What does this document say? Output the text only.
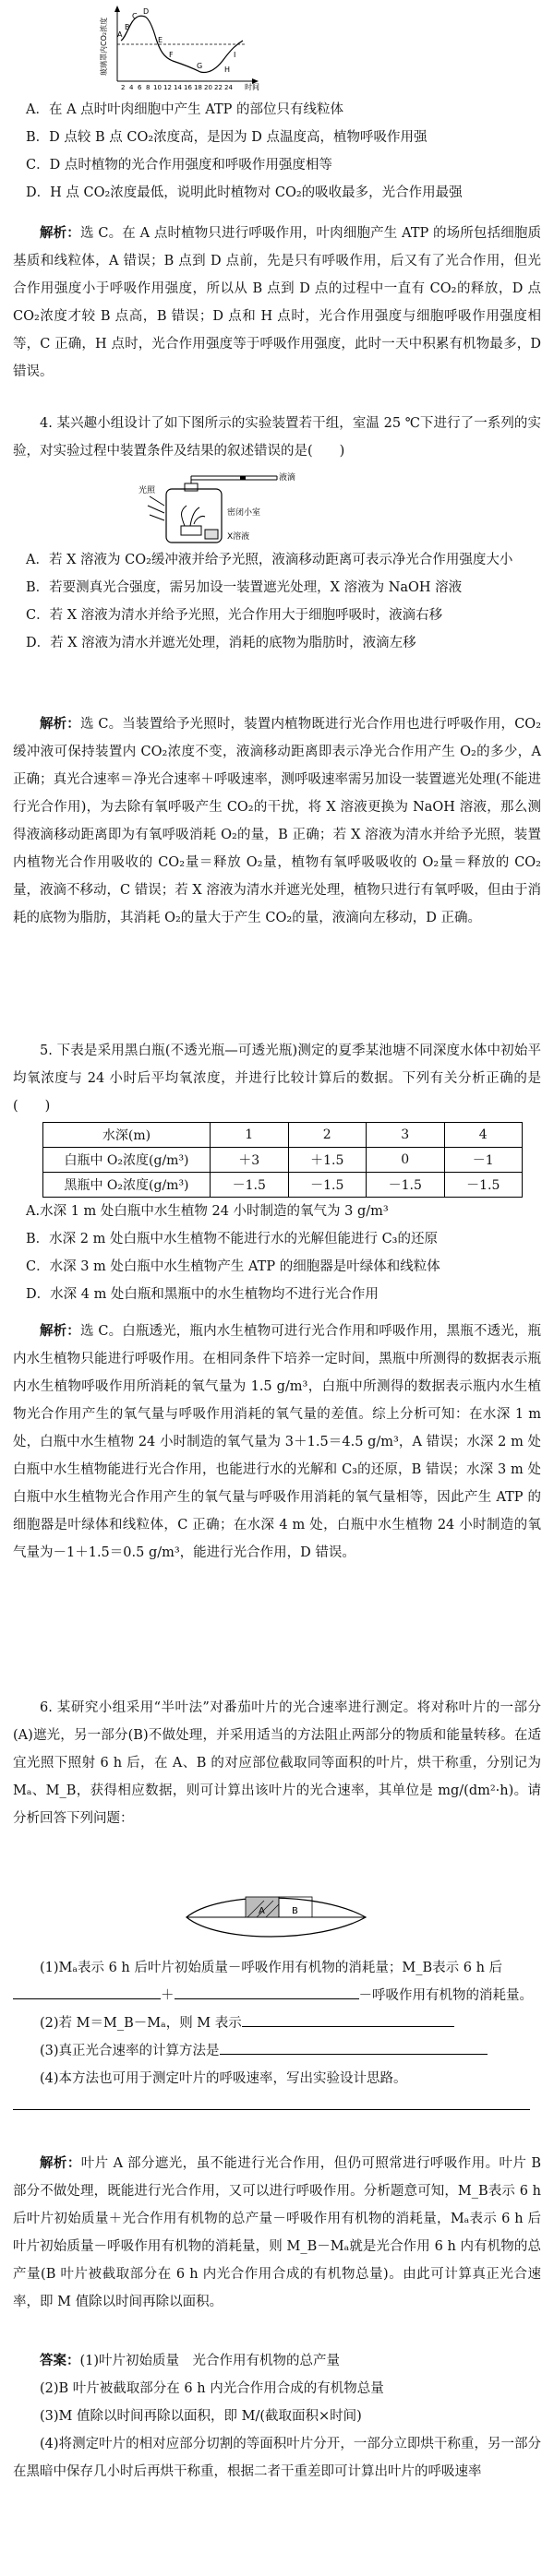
玻璃罩内CO₂浓度
时间
2 4 6 8 10 12 14 16 18 20 22 24
A
B
C
D
E
F
G	H
I

A．在 A 点时叶肉细胞中产生 ATP 的部位只有线粒体

B．D 点较 B 点 CO₂浓度高，是因为 D 点温度高，植物呼吸作用强

C．D 点时植物的光合作用强度和呼吸作用强度相等

D．H 点 CO₂浓度最低，说明此时植物对 CO₂的吸收最多，光合作用最强

解析：选 C。在 A 点时植物只进行呼吸作用，叶肉细胞产生 ATP 的场所包括细胞质基质和线粒体，A 错误；B 点到 D 点前，先是只有呼吸作用，后又有了光合作用，但光合作用强度小于呼吸作用强度，所以从 B 点到 D 点的过程中一直有 CO₂的释放，D 点 CO₂浓度才较 B 点高，B 错误；D 点和 H 点时，光合作用强度与细胞呼吸作用强度相等，C 正确，H 点时，光合作用强度等于呼吸作用强度，此时一天中积累有机物最多，D 错误。

4. 某兴趣小组设计了如下图所示的实验装置若干组，室温 25 ℃下进行了一系列的实验，对实验过程中装置条件及结果的叙述错误的是(　　)

液滴
密闭小室
光照
X溶液

A．若 X 溶液为 CO₂缓冲液并给予光照，液滴移动距离可表示净光合作用强度大小

B．若要测真光合强度，需另加设一装置遮光处理，X 溶液为 NaOH 溶液

C．若 X 溶液为清水并给予光照，光合作用大于细胞呼吸时，液滴右移

D．若 X 溶液为清水并遮光处理，消耗的底物为脂肪时，液滴左移

解析：选 C。当装置给予光照时，装置内植物既进行光合作用也进行呼吸作用，CO₂缓冲液可保持装置内 CO₂浓度不变，液滴移动距离即表示净光合作用产生 O₂的多少，A 正确；真光合速率＝净光合速率＋呼吸速率，测呼吸速率需另加设一装置遮光处理(不能进行光合作用)，为去除有氧呼吸产生 CO₂的干扰，将 X 溶液更换为 NaOH 溶液，那么测得液滴移动距离即为有氧呼吸消耗 O₂的量，B 正确；若 X 溶液为清水并给予光照，装置内植物光合作用吸收的 CO₂量＝释放 O₂量，植物有氧呼吸吸收的 O₂量＝释放的 CO₂量，液滴不移动，C 错误；若 X 溶液为清水并遮光处理，植物只进行有氧呼吸，但由于消耗的底物为脂肪，其消耗 O₂的量大于产生 CO₂的量，液滴向左移动，D 正确。

5. 下表是采用黑白瓶(不透光瓶—可透光瓶)测定的夏季某池塘不同深度水体中初始平均氧浓度与 24 小时后平均氧浓度，并进行比较计算后的数据。下列有关分析正确的是(　　)

水深(m)	1	2	3	4
白瓶中 O₂浓度(g/m³)	＋3	＋1.5	0	－1
黑瓶中 O₂浓度(g/m³)	－1.5	－1.5	－1.5	－1.5

A.水深 1 m 处白瓶中水生植物 24 小时制造的氧气为 3 g/m³

B．水深 2 m 处白瓶中水生植物不能进行水的光解但能进行 C₃的还原

C．水深 3 m 处白瓶中水生植物产生 ATP 的细胞器是叶绿体和线粒体

D．水深 4 m 处白瓶和黑瓶中的水生植物均不进行光合作用

解析：选 C。白瓶透光，瓶内水生植物可进行光合作用和呼吸作用，黑瓶不透光，瓶内水生植物只能进行呼吸作用。在相同条件下培养一定时间，黑瓶中所测得的数据表示瓶内水生植物呼吸作用所消耗的氧气量为 1.5 g/m³，白瓶中所测得的数据表示瓶内水生植物光合作用产生的氧气量与呼吸作用消耗的氧气量的差值。综上分析可知：在水深 1 m 处，白瓶中水生植物 24 小时制造的氧气量为 3＋1.5＝4.5 g/m³，A 错误；水深 2 m 处白瓶中水生植物能进行光合作用，也能进行水的光解和 C₃的还原，B 错误；水深 3 m 处白瓶中水生植物光合作用产生的氧气量与呼吸作用消耗的氧气量相等，因此产生 ATP 的细胞器是叶绿体和线粒体，C 正确；在水深 4 m 处，白瓶中水生植物 24 小时制造的氧气量为－1＋1.5＝0.5 g/m³，能进行光合作用，D 错误。

6. 某研究小组采用“半叶法”对番茄叶片的光合速率进行测定。将对称叶片的一部分(A)遮光，另一部分(B)不做处理，并采用适当的方法阻止两部分的物质和能量转移。在适宜光照下照射 6 h 后，在 A、B 的对应部位截取同等面积的叶片，烘干称重，分别记为 Mₐ、M_B，获得相应数据，则可计算出该叶片的光合速率，其单位是 mg/(dm²·h)。请分析回答下列问题：

A	B

(1)Mₐ表示 6 h 后叶片初始质量－呼吸作用有机物的消耗量；M_B表示 6 h 后

＋	－呼吸作用有机物的消耗量。

(2)若 M＝M_B－Mₐ，则 M 表示

(3)真正光合速率的计算方法是

(4)本方法也可用于测定叶片的呼吸速率，写出实验设计思路。

解析：叶片 A 部分遮光，虽不能进行光合作用，但仍可照常进行呼吸作用。叶片 B 部分不做处理，既能进行光合作用，又可以进行呼吸作用。分析题意可知，M_B表示 6 h 后叶片初始质量＋光合作用有机物的总产量－呼吸作用有机物的消耗量，Mₐ表示 6 h 后叶片初始质量－呼吸作用有机物的消耗量，则 M_B－Mₐ就是光合作用 6 h 内有机物的总产量(B 叶片被截取部分在 6 h 内光合作用合成的有机物总量)。由此可计算真正光合速率，即 M 值除以时间再除以面积。

答案：(1)叶片初始质量　光合作用有机物的总产量

(2)B 叶片被截取部分在 6 h 内光合作用合成的有机物总量

(3)M 值除以时间再除以面积，即 M/(截取面积×时间)

(4)将测定叶片的相对应部分切割的等面积叶片分开，一部分立即烘干称重，另一部分在黑暗中保存几小时后再烘干称重，根据二者干重差即可计算出叶片的呼吸速率
